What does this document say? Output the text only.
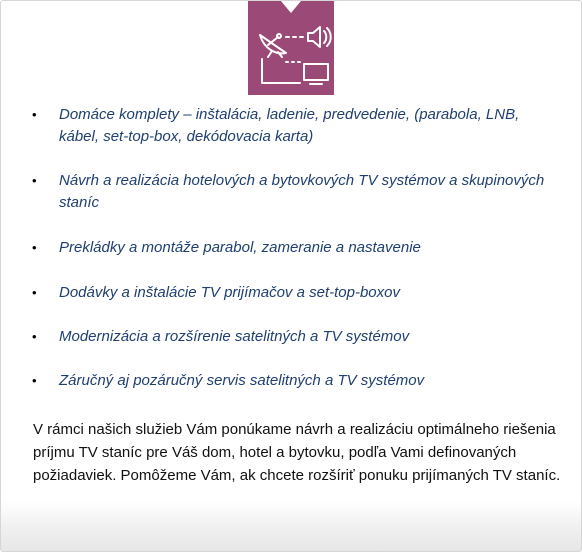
• Domáce komplety – inštalácia, ladenie, predvedenie, (parabola, LNB, kábel, set-top-box, dekódovacia karta)
• Návrh a realizácia hotelových a bytovkových TV systémov a skupinových staníc
• Prekládky a montáže parabol, zameranie a nastavenie
• Dodávky a inštalácie TV prijímačov a set-top-boxov
• Modernizácia a rozšírenie satelitných a TV systémov
• Záručný aj pozáručný servis satelitných a TV systémov

V rámci našich služieb Vám ponúkame návrh a realizáciu optimálneho riešenia príjmu TV staníc pre Váš dom, hotel a bytovku, podľa Vami definovaných požiadaviek. Pomôžeme Vám, ak chcete rozšíriť ponuku prijímaných TV staníc.
